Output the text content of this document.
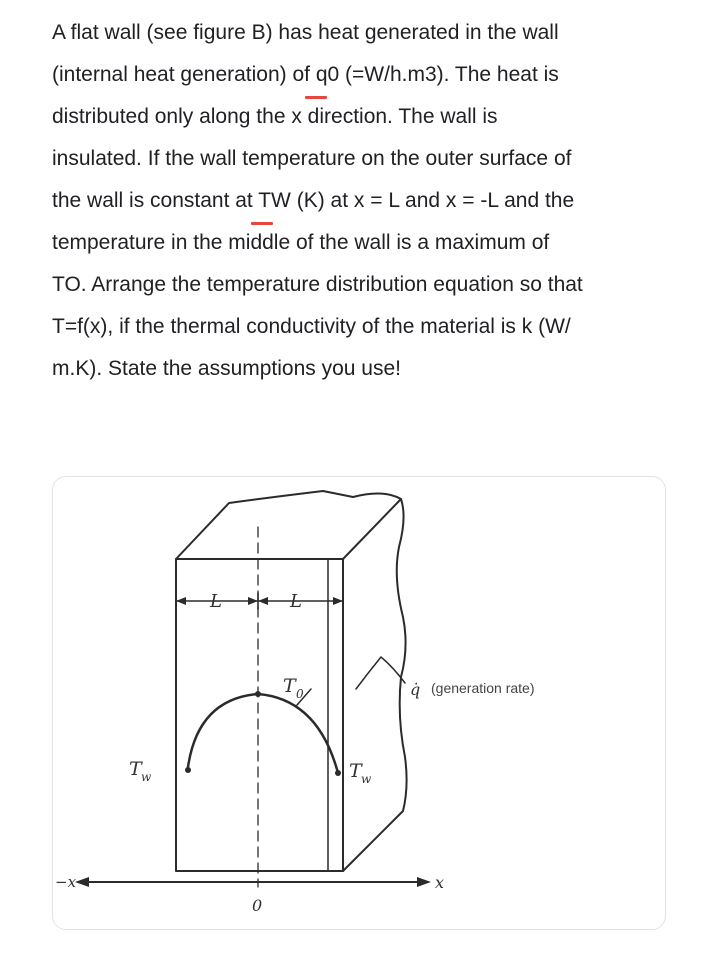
A flat wall (see figure B) has heat generated in the wall
(internal heat generation) of q0 (=W/h.m3). The heat is
distributed only along the x direction. The wall is
insulated. If the wall temperature on the outer surface of
the wall is constant at TW (K) at x = L and x = -L and the
temperature in the middle of the wall is a maximum of
TO. Arrange the temperature distribution equation so that
T=f(x), if the thermal conductivity of the material is k (W/
m.K). State the assumptions you use!
L	L
T 0
T w	T w
q̇ (generation rate)
−x	x
0
